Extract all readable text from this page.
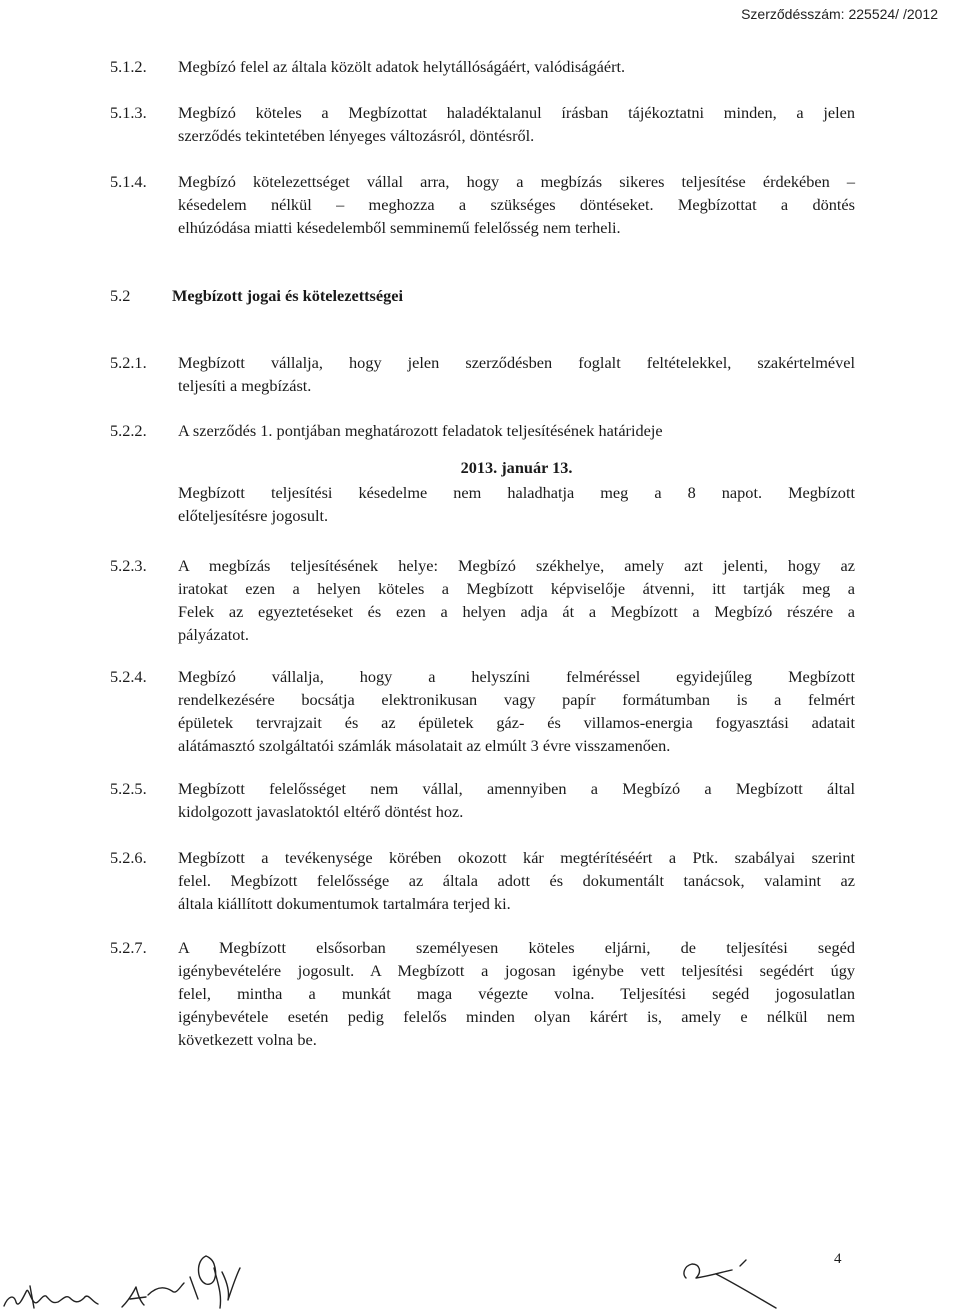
Szerződésszám: 225524/ /2012
5.1.2. Megbízó felel az általa közölt adatok helytállóságáért, valódiságáért.
5.1.3. Megbízó köteles a Megbízottat haladéktalanul írásban tájékoztatni minden, a jelen
szerződés tekintetében lényeges változásról, döntésről.
5.1.4. Megbízó kötelezettséget vállal arra, hogy a megbízás sikeres teljesítése érdekében –
késedelem nélkül – meghozza a szükséges döntéseket. Megbízottat a döntés
elhúzódása miatti késedelemből semminemű felelősség nem terheli.
5.2	Megbízott jogai és kötelezettségei
5.2.1. Megbízott vállalja, hogy jelen szerződésben foglalt feltételekkel, szakértelmével
teljesíti a megbízást.
5.2.2. A szerződés 1. pontjában meghatározott feladatok teljesítésének határideje
2013. január 13.
Megbízott teljesítési késedelme nem haladhatja meg a 8 napot. Megbízott
előteljesítésre jogosult.
5.2.3. A megbízás teljesítésének helye: Megbízó székhelye, amely azt jelenti, hogy az
iratokat ezen a helyen köteles a Megbízott képviselője átvenni, itt tartják meg a
Felek az egyeztetéseket és ezen a helyen adja át a Megbízott a Megbízó részére a
pályázatot.
5.2.4. Megbízó vállalja, hogy a helyszíni felméréssel egyidejűleg Megbízott
rendelkezésére bocsátja elektronikusan vagy papír formátumban is a felmért
épületek tervrajzait és az épületek gáz- és villamos-energia fogyasztási adatait
alátámasztó szolgáltatói számlák másolatait az elmúlt 3 évre visszamenően.
5.2.5. Megbízott felelősséget nem vállal, amennyiben a Megbízó a Megbízott által
kidolgozott javaslatoktól eltérő döntést hoz.
5.2.6. Megbízott a tevékenysége körében okozott kár megtérítéséért a Ptk. szabályai szerint
felel. Megbízott felelőssége az általa adott és dokumentált tanácsok, valamint az
általa kiállított dokumentumok tartalmára terjed ki.
5.2.7. A Megbízott elsősorban személyesen köteles eljárni, de teljesítési segéd
igénybevételére jogosult. A Megbízott a jogosan igénybe vett teljesítési segédért úgy
felel, mintha a munkát maga végezte volna. Teljesítési segéd jogosulatlan
igénybevétele esetén pedig felelős minden olyan kárért is, amely e nélkül nem
következett volna be.
4
